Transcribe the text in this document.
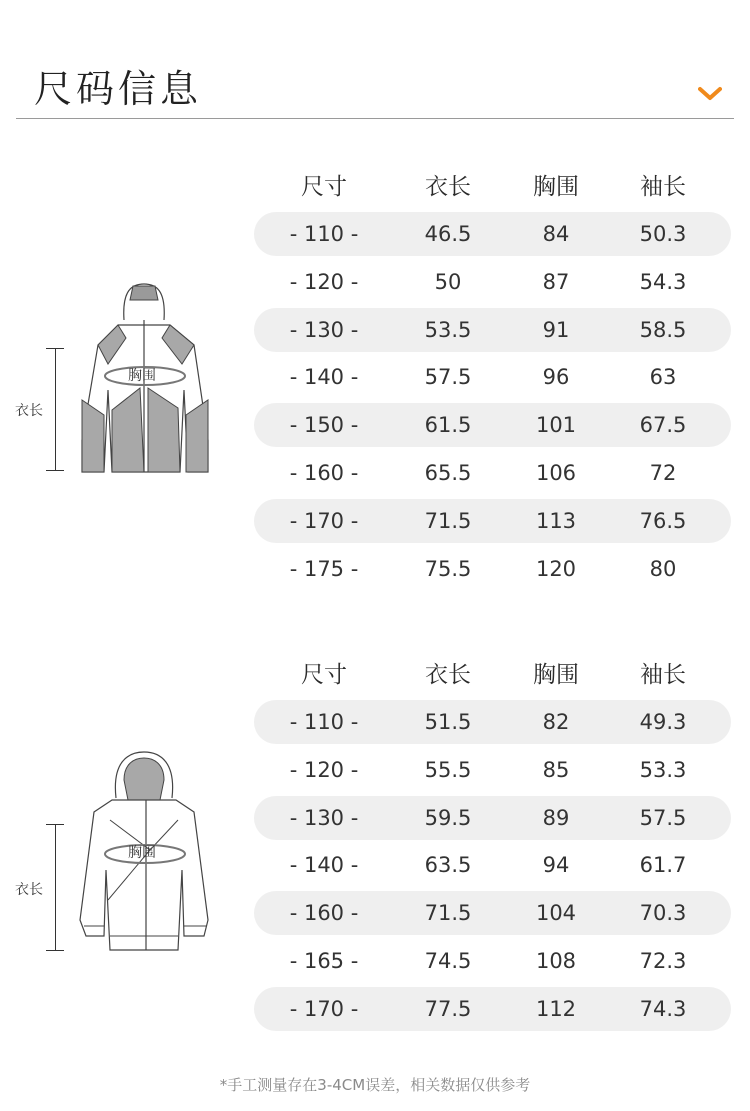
尺码信息
衣长
胸围
尺寸	衣长	胸围	袖长
- 110 -	46.5	84	50.3
- 120 -	50	87	54.3
- 130 -	53.5	91	58.5
- 140 -	57.5	96	63
- 150 -	61.5	101	67.5
- 160 -	65.5	106	72
- 170 -	71.5	113	76.5
- 175 -	75.5	120	80
衣长
胸围
尺寸	衣长	胸围	袖长
- 110 -	51.5	82	49.3
- 120 -	55.5	85	53.3
- 130 -	59.5	89	57.5
- 140 -	63.5	94	61.7
- 160 -	71.5	104	70.3
- 165 -	74.5	108	72.3
- 170 -	77.5	112	74.3
*手工测量存在3-4CM误差，相关数据仅供参考
